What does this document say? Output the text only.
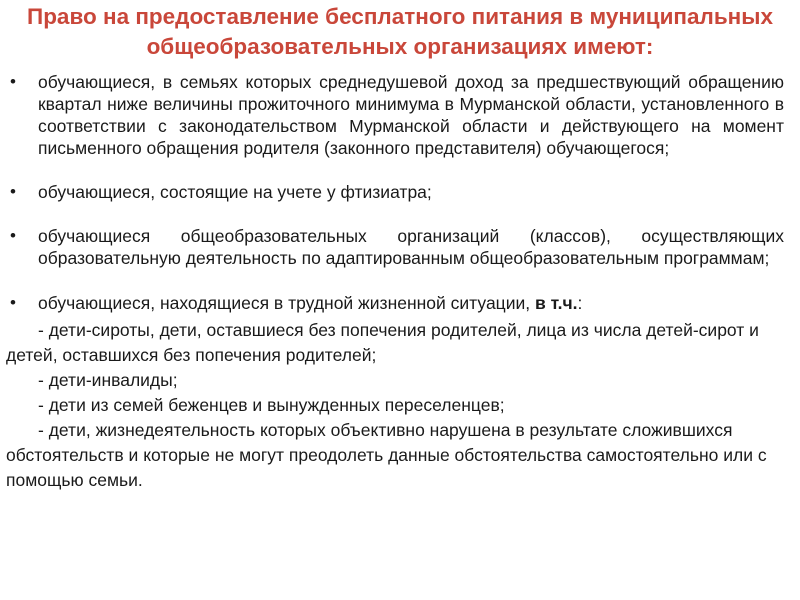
Право на предоставление бесплатного питания в муниципальных общеобразовательных организациях имеют:
• обучающиеся, в семьях которых среднедушевой доход за предшествующий обращению квартал ниже величины прожиточного минимума в Мурманской области, установленного в соответствии с законодательством Мурманской области и действующего на момент письменного обращения родителя (законного представителя) обучающегося;
• обучающиеся, состоящие на учете у фтизиатра;
• обучающиеся общеобразовательных организаций (классов), осуществляющих образовательную деятельность по адаптированным общеобразовательным программам;
• обучающиеся, находящиеся в трудной жизненной ситуации, в т.ч.:
- дети-сироты, дети, оставшиеся без попечения родителей, лица из числа детей-сирот и детей, оставшихся без попечения родителей;
- дети-инвалиды;
- дети из семей беженцев и вынужденных переселенцев;
- дети, жизнедеятельность которых объективно нарушена в результате сложившихся обстоятельств и которые не могут преодолеть данные обстоятельства самостоятельно или с помощью семьи.
